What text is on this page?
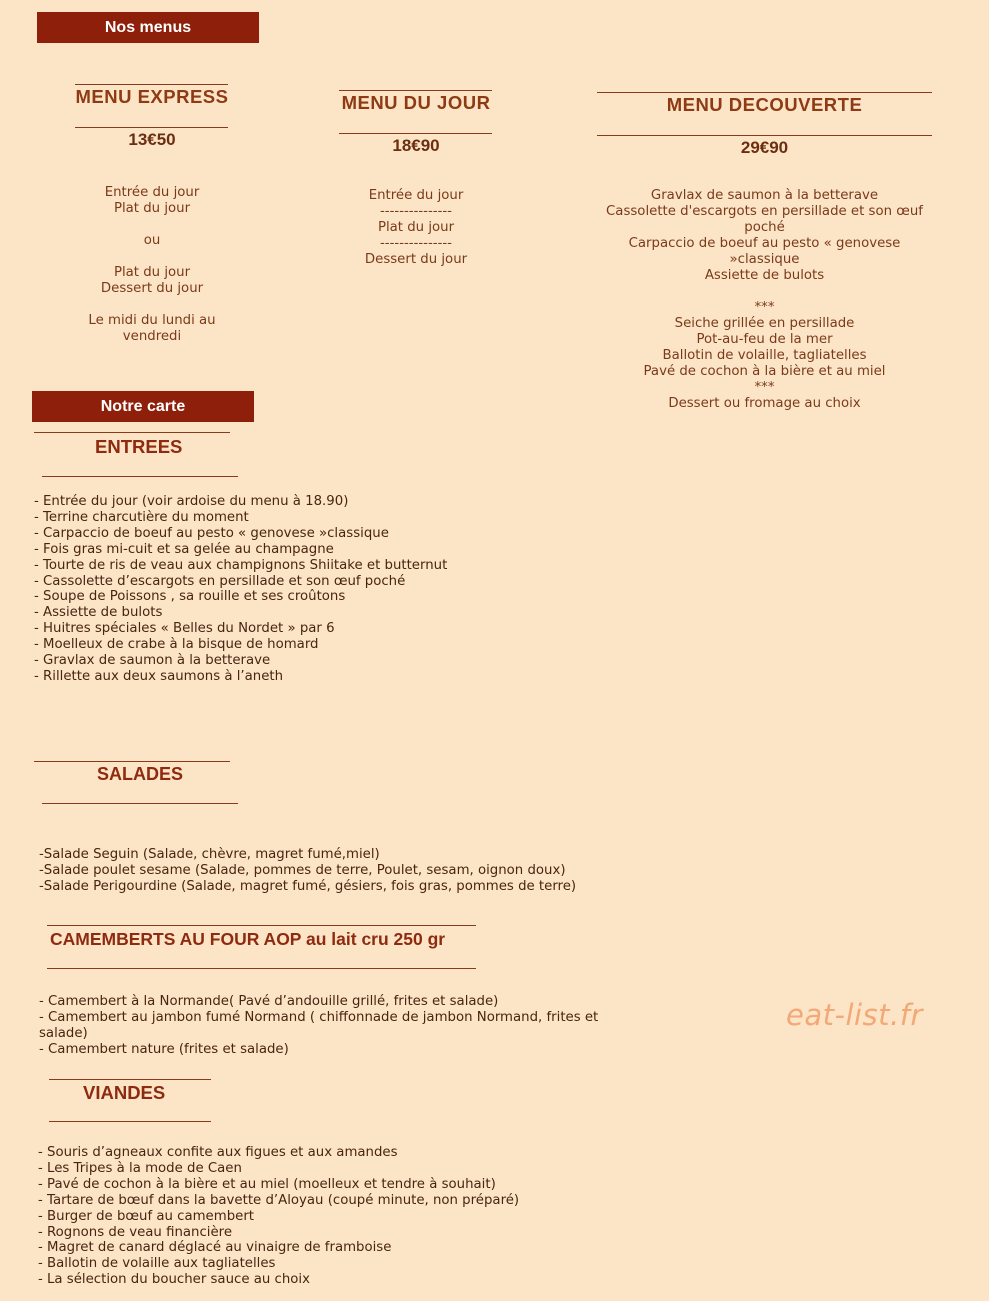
Nos menus
MENU EXPRESS
13€50
Entrée du jour
Plat du jour
ou
Plat du jour
Dessert du jour
Le midi du lundi au
vendredi
MENU DU JOUR
18€90
Entrée du jour
---------------
Plat du jour
---------------
Dessert du jour
MENU DECOUVERTE
29€90
Gravlax de saumon à la betterave
Cassolette d'escargots en persillade et son œuf
poché
Carpaccio de boeuf au pesto « genovese
»classique
Assiette de bulots
***
Seiche grillée en persillade
Pot-au-feu de la mer
Ballotin de volaille, tagliatelles
Pavé de cochon à la bière et au miel
***
Dessert ou fromage au choix
Notre carte
ENTREES
- Entrée du jour (voir ardoise du menu à 18.90)
- Terrine charcutière du moment
- Carpaccio de boeuf au pesto « genovese »classique
- Fois gras mi-cuit et sa gelée au champagne
- Tourte de ris de veau aux champignons Shiitake et butternut
- Cassolette d’escargots en persillade et son œuf poché
- Soupe de Poissons , sa rouille et ses croûtons
- Assiette de bulots
- Huitres spéciales « Belles du Nordet » par 6
- Moelleux de crabe à la bisque de homard
- Gravlax de saumon à la betterave
- Rillette aux deux saumons à l’aneth
SALADES
-Salade Seguin (Salade, chèvre, magret fumé,miel)
-Salade poulet sesame (Salade, pommes de terre, Poulet, sesam, oignon doux)
-Salade Perigourdine (Salade, magret fumé, gésiers, fois gras, pommes de terre)
CAMEMBERTS AU FOUR AOP au lait cru 250 gr
- Camembert à la Normande( Pavé d’andouille grillé, frites et salade)
- Camembert au jambon fumé Normand ( chiffonnade de jambon Normand, frites et
salade)
- Camembert nature (frites et salade)
eat-list.fr
VIANDES
- Souris d’agneaux confite aux figues et aux amandes
- Les Tripes à la mode de Caen
- Pavé de cochon à la bière et au miel (moelleux et tendre à souhait)
- Tartare de bœuf dans la bavette d’Aloyau (coupé minute, non préparé)
- Burger de bœuf au camembert
- Rognons de veau financière
- Magret de canard déglacé au vinaigre de framboise
- Ballotin de volaille aux tagliatelles
- La sélection du boucher sauce au choix
